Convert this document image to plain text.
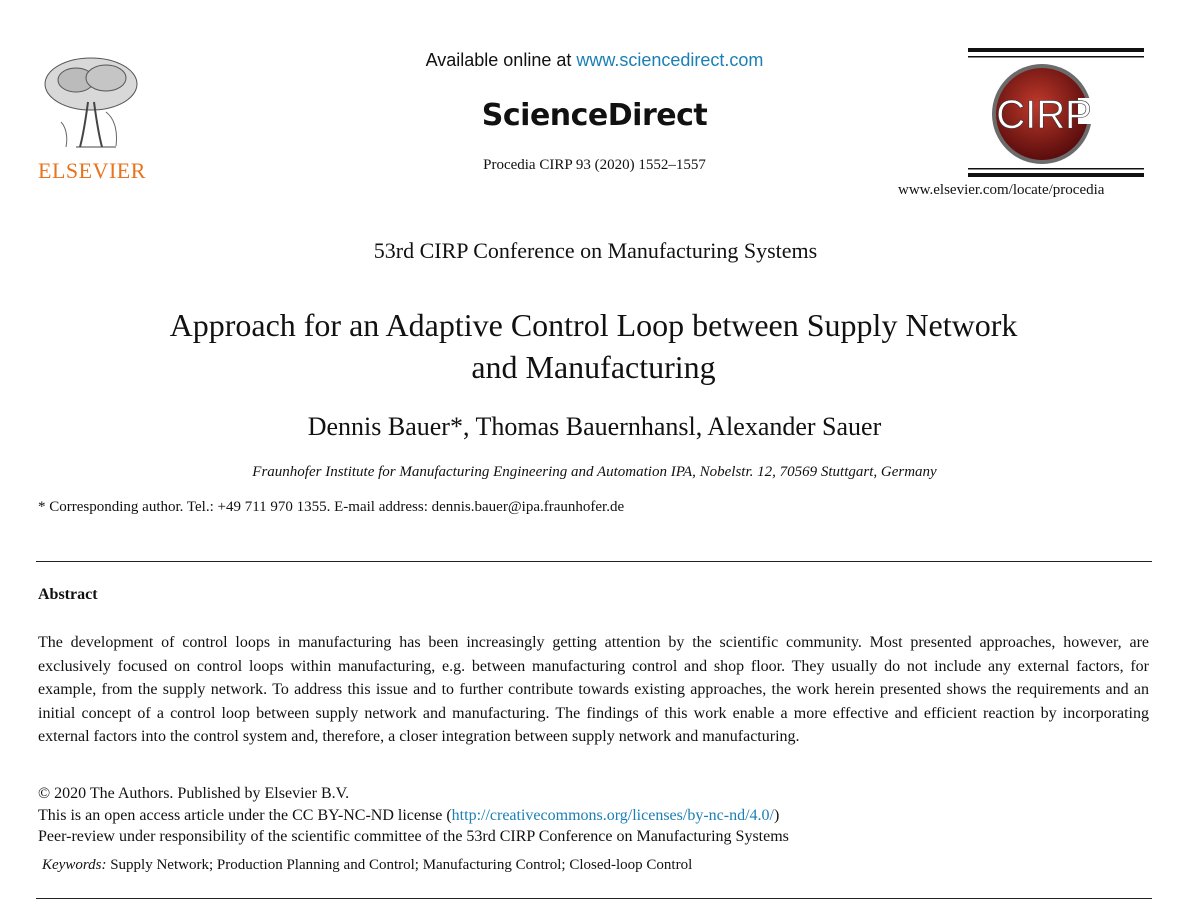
ELSEVIER
Available online at www.sciencedirect.com
ScienceDirect
Procedia CIRP 93 (2020) 1552–1557
CIRP
www.elsevier.com/locate/procedia
53rd CIRP Conference on Manufacturing Systems
Approach for an Adaptive Control Loop between Supply Network
and Manufacturing
Dennis Bauer*, Thomas Bauernhansl, Alexander Sauer
Fraunhofer Institute for Manufacturing Engineering and Automation IPA, Nobelstr. 12, 70569 Stuttgart, Germany
* Corresponding author. Tel.: +49 711 970 1355. E-mail address: dennis.bauer@ipa.fraunhofer.de
Abstract
The development of control loops in manufacturing has been increasingly getting attention by the scientific community. Most presented approaches, however, are exclusively focused on control loops within manufacturing, e.g. between manufacturing control and shop floor. They usually do not include any external factors, for example, from the supply network. To address this issue and to further contribute towards existing approaches, the work herein presented shows the requirements and an initial concept of a control loop between supply network and manufacturing. The findings of this work enable a more effective and efficient reaction by incorporating external factors into the control system and, therefore, a closer integration between supply network and manufacturing.
© 2020 The Authors. Published by Elsevier B.V.
This is an open access article under the CC BY-NC-ND license (http://creativecommons.org/licenses/by-nc-nd/4.0/)
Peer-review under responsibility of the scientific committee of the 53rd CIRP Conference on Manufacturing Systems
Keywords: Supply Network; Production Planning and Control; Manufacturing Control; Closed-loop Control
